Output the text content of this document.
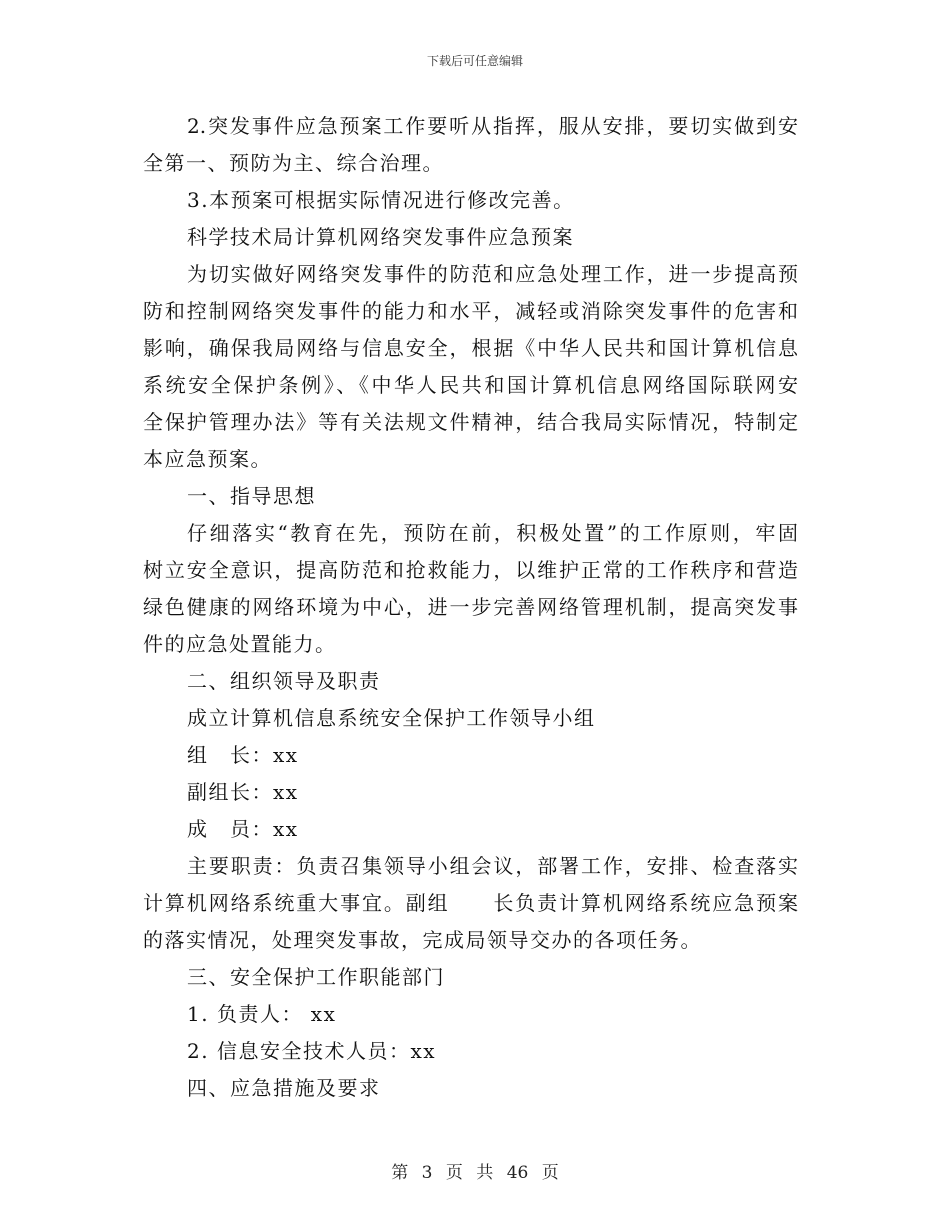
下载后可任意编辑
2.突发事件应急预案工作要听从指挥，服从安排，要切实做到安
全第一、预防为主、综合治理。
3.本预案可根据实际情况进行修改完善。
科学技术局计算机网络突发事件应急预案
为切实做好网络突发事件的防范和应急处理工作，进一步提高预
防和控制网络突发事件的能力和水平，减轻或消除突发事件的危害和
影响，确保我局网络与信息安全，根据《中华人民共和国计算机信息
系统安全保护条例》、《中华人民共和国计算机信息网络国际联网安
全保护管理办法》等有关法规文件精神，结合我局实际情况，特制定
本应急预案。
一、指导思想
仔细落实“教育在先，预防在前，积极处置”的工作原则，牢固
树立安全意识，提高防范和抢救能力，以维护正常的工作秩序和营造
绿色健康的网络环境为中心，进一步完善网络管理机制，提高突发事
件的应急处置能力。
二、组织领导及职责
成立计算机信息系统安全保护工作领导小组
组　长：xx
副组长：xx
成　员：xx
主要职责：负责召集领导小组会议，部署工作，安排、检查落实
计算机网络系统重大事宜。副组　　长负责计算机网络系统应急预案
的落实情况，处理突发事故，完成局领导交办的各项任务。
三、安全保护工作职能部门
1. 负责人： xx
2. 信息安全技术人员：xx
四、应急措施及要求
第 3 页 共 46 页
